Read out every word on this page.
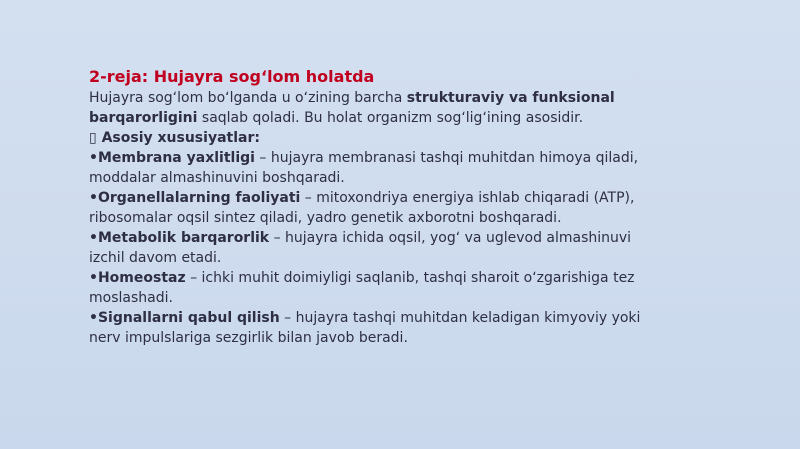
2-reja: Hujayra sogʻlom holatda

Hujayra sogʻlom boʻlganda u oʻzining barcha strukturaviy va funksional barqarorligini saqlab qoladi. Bu holat organizm sogʻligʻining asosidir.

▯ Asosiy xususiyatlar:

•Membrana yaxlitligi – hujayra membranasi tashqi muhitdan himoya qiladi, moddalar almashinuvini boshqaradi.

•Organellalarning faoliyati – mitoxondriya energiya ishlab chiqaradi (ATP), ribosomalar oqsil sintez qiladi, yadro genetik axborotni boshqaradi.

•Metabolik barqarorlik – hujayra ichida oqsil, yogʻ va uglevod almashinuvi izchil davom etadi.

•Homeostaz – ichki muhit doimiyligi saqlanib, tashqi sharoit oʻzgarishiga tez moslashadi.

•Signallarni qabul qilish – hujayra tashqi muhitdan keladigan kimyoviy yoki nerv impulslariga sezgirlik bilan javob beradi.
